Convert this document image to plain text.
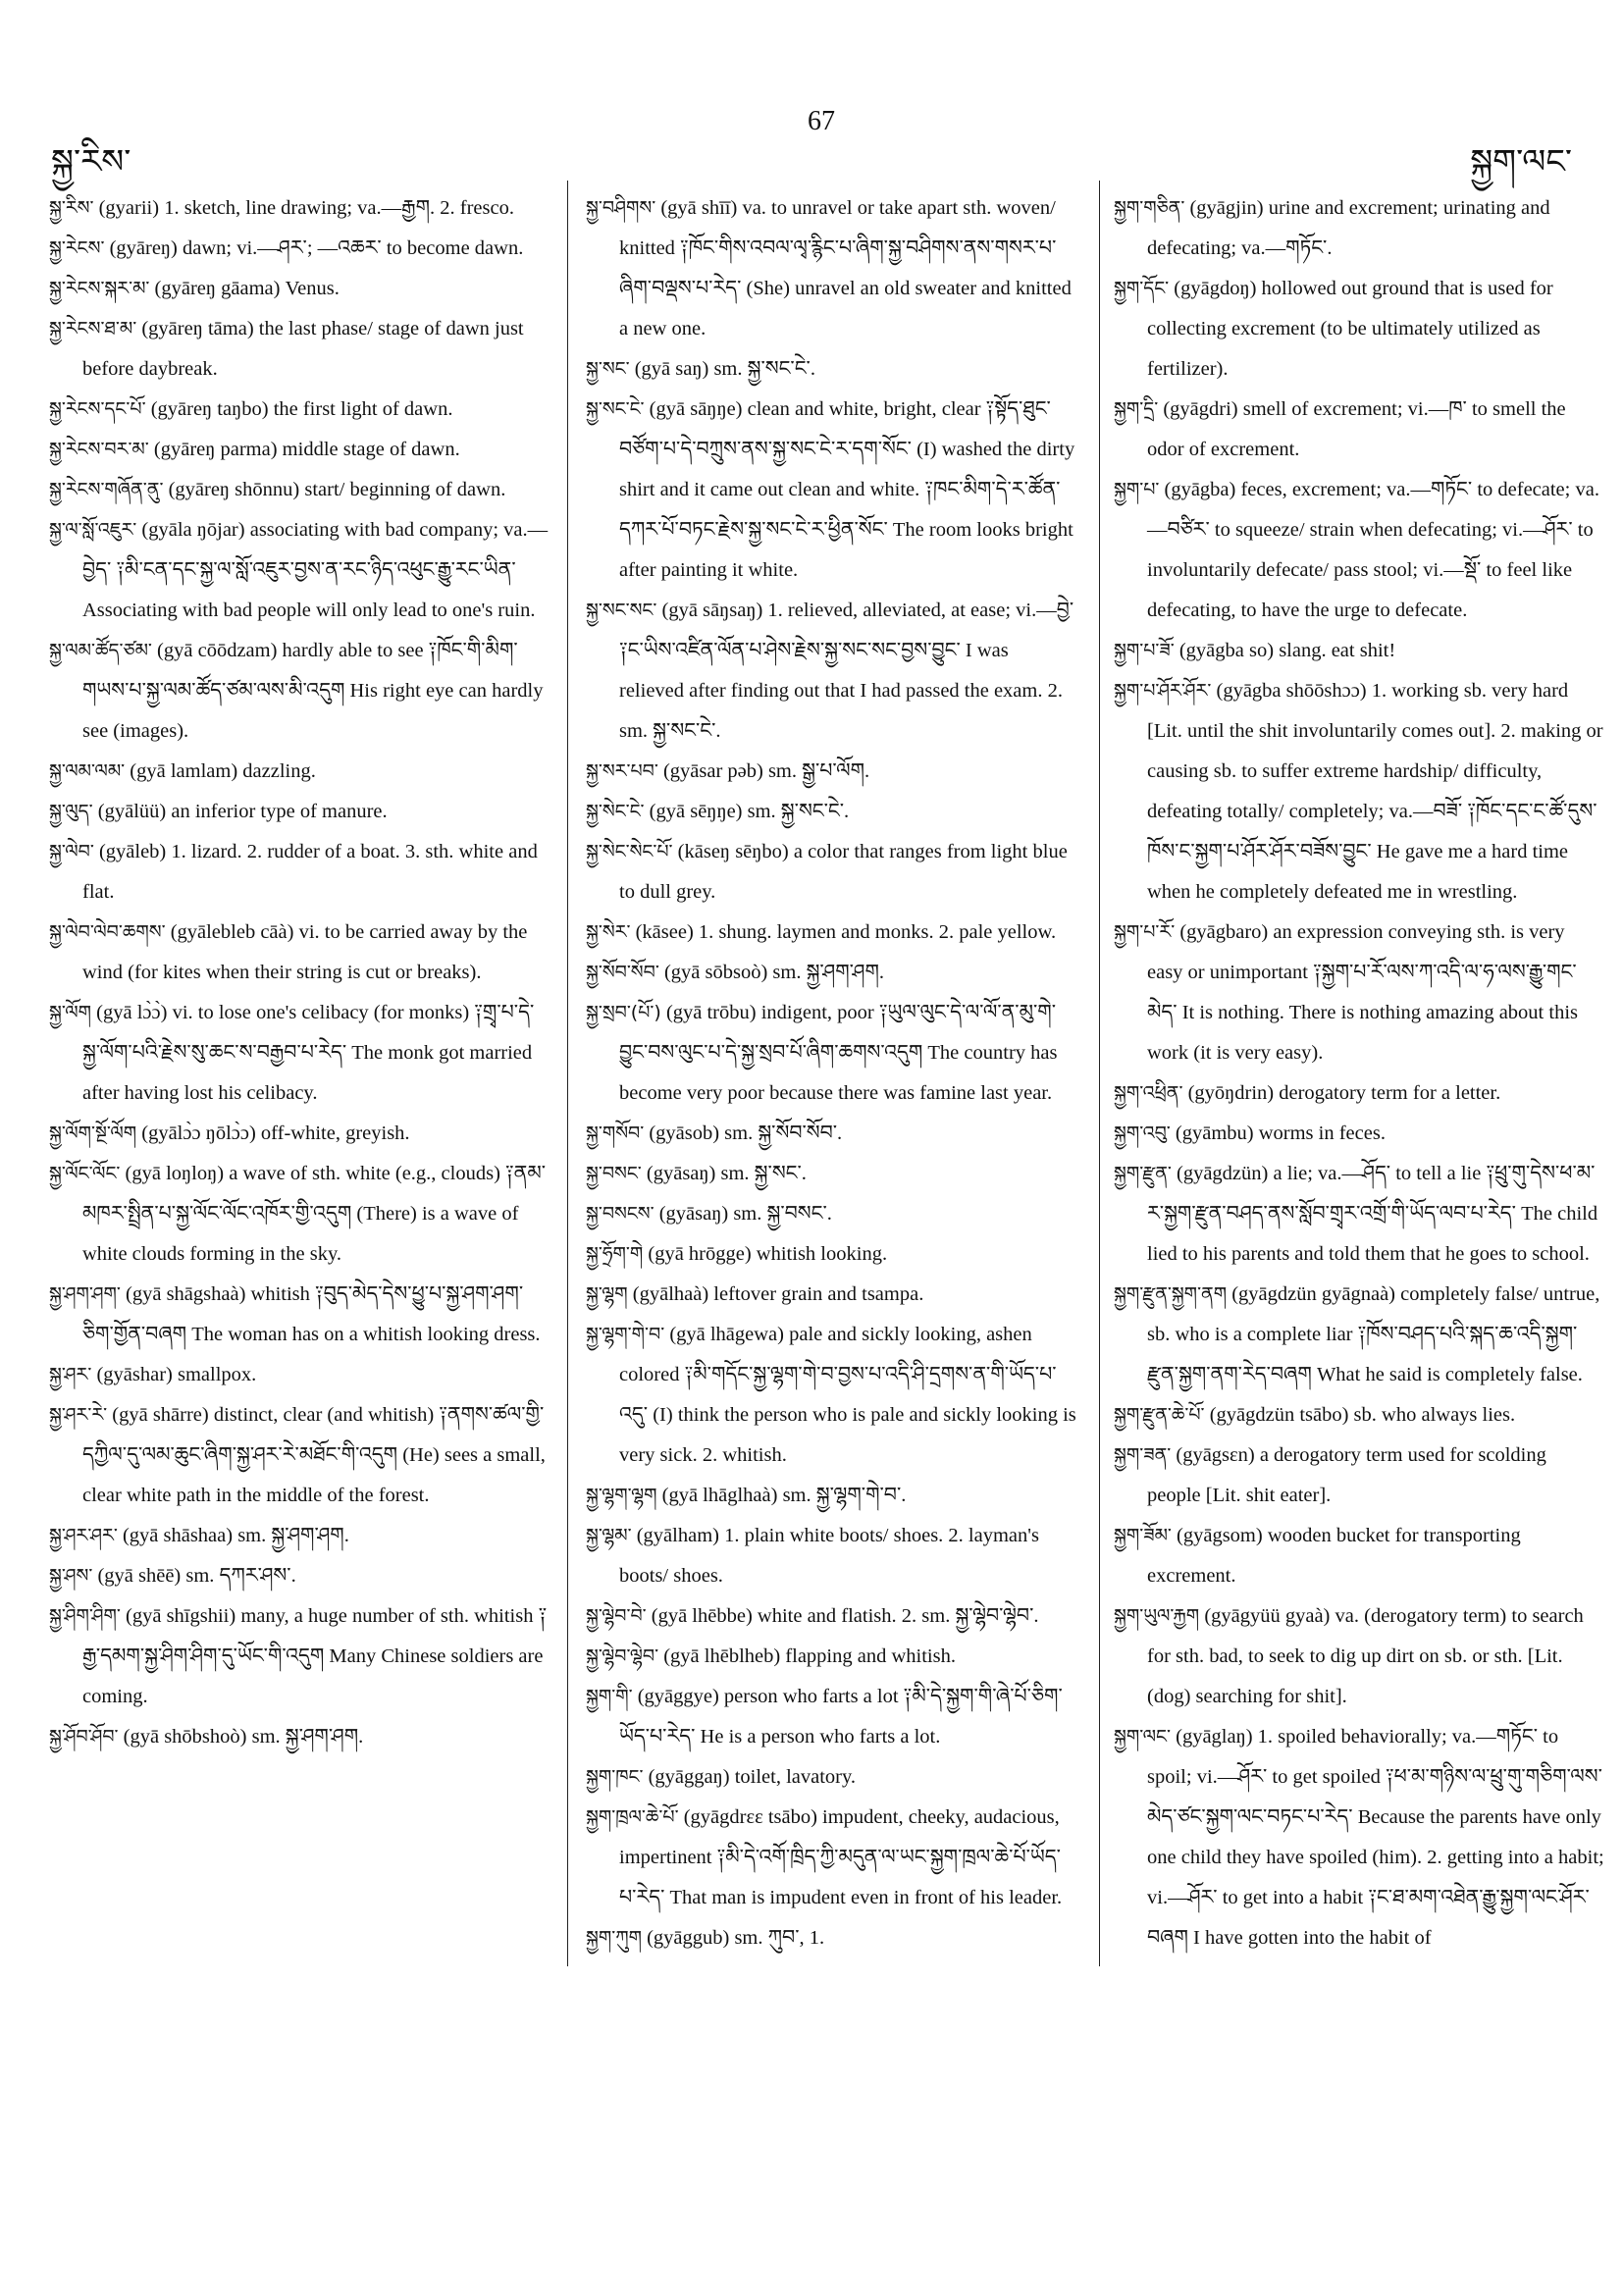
སྐྱ་རིས་
67
སྐྱག་ལང་

སྐྱ་རིས་ (gyarii) 1. sketch, line drawing; va.—རྒྱག. 2. fresco.

སྐྱ་རེངས་ (gyāreŋ) dawn; vi.—ཤར་; —འཆར་ to become dawn.

སྐྱ་རེངས་སྐར་མ་ (gyāreŋ gāama) Venus.

སྐྱ་རེངས་ཐ་མ་ (gyāreŋ tāma) the last phase/ stage of dawn just before daybreak.

སྐྱ་རེངས་དང་པོ་ (gyāreŋ taŋbo) the first light of dawn.

སྐྱ་རེངས་བར་མ་ (gyāreŋ parma) middle stage of dawn.

སྐྱ་རེངས་གཞོན་ནུ་ (gyāreŋ shōnnu) start/ beginning of dawn.

སྐྱ་ལ་སློ་འཇུར་ (gyāla ŋōjar) associating with bad company; va.—བྱེད་ ༑མི་ངན་དང་སྐྱ་ལ་སློ་འཇུར་བྱས་ན་རང་ཉིད་འཕུང་རྒྱུ་རང་ཡིན་ Associating with bad people will only lead to one's ruin.

སྐྱ་ལམ་ཚོད་ཙམ་ (gyā cōōdzam) hardly able to see ༑ཁོང་གི་མིག་གཡས་པ་སྐྱ་ལམ་ཚོད་ཙམ་ལས་མི་འདུག His right eye can hardly see (images).

སྐྱ་ལམ་ལམ་ (gyā lamlam) dazzling.

སྐྱ་ལུད་ (gyālüü) an inferior type of manure.

སྐྱ་ལེབ་ (gyāleb) 1. lizard. 2. rudder of a boat. 3. sth. white and flat.

སྐྱ་ལེབ་ལེབ་ཆགས་ (gyālebleb cāà) vi. to be carried away by the wind (for kites when their string is cut or breaks).

སྐྱ་ལོག (gyā lɔ̀ɔ̀) vi. to lose one's celibacy (for monks) ༑གྲྭ་པ་དེ་སྐྱ་ལོག་པའི་རྗེས་སུ་ཆང་ས་བརྒྱབ་པ་རེད་ The monk got married after having lost his celibacy.

སྐྱ་ལོག་སྔོ་ལོག (gyālɔ̀ɔ ŋōlɔ̀ɔ) off-white, greyish.

སྐྱ་ལོང་ལོང་ (gyā loŋloŋ) a wave of sth. white (e.g., clouds) ༑ནམ་མཁར་སྤྲིན་པ་སྐྱ་ལོང་ལོང་འཁོར་གྱི་འདུག (There) is a wave of white clouds forming in the sky.

སྐྱ་ཤག་ཤག་ (gyā shāgshaà) whitish ༑བུད་མེད་དེས་ཕྱུ་པ་སྐྱ་ཤག་ཤག་ཅིག་གྱོན་བཞག The woman has on a whitish looking dress.

སྐྱ་ཤར་ (gyāshar) smallpox.

སྐྱ་ཤར་རེ་ (gyā shārre) distinct, clear (and whitish) ༑ནགས་ཚལ་གྱི་དཀྱིལ་དུ་ལམ་ཆུང་ཞིག་སྐྱ་ཤར་རེ་མཐོང་གི་འདུག (He) sees a small, clear white path in the middle of the forest.

སྐྱ་ཤར་ཤར་ (gyā shāshaa) sm. སྐྱ་ཤག་ཤག.

སྐྱ་ཤས་ (gyā shēē) sm. དཀར་ཤས་.

སྐྱ་ཤིག་ཤིག་ (gyā shīgshii) many, a huge number of sth. whitish ༑རྒྱ་དམག་སྐྱ་ཤིག་ཤིག་དུ་ཡོང་གི་འདུག Many Chinese soldiers are coming.

སྐྱ་ཤོབ་ཤོབ་ (gyā shōbshoò) sm. སྐྱ་ཤག་ཤག.

སྐྱ་བཤིགས་ (gyā shīī) va. to unravel or take apart sth. woven/ knitted ༑ཁོང་གིས་འབལ་ལྭ་རྙིང་པ་ཞིག་སྐྱ་བཤིགས་ནས་གསར་པ་ཞིག་བལྡས་པ་རེད་ (She) unravel an old sweater and knitted a new one.

སྐྱ་སང་ (gyā saŋ) sm. སྐྱ་སང་ངེ་.

སྐྱ་སང་ངེ་ (gyā sāŋŋe) clean and white, bright, clear ༑སྟོད་ཐུང་བཙོག་པ་དེ་བཀྲུས་ནས་སྐྱ་སང་ངེ་ར་དག་སོང་ (I) washed the dirty shirt and it came out clean and white. ༑ཁང་མིག་དེ་ར་ཚོན་དཀར་པོ་བཏང་རྗེས་སྐྱ་སང་ངེ་ར་ཕྱིན་སོང་ The room looks bright after painting it white.

སྐྱ་སང་སང་ (gyā sāŋsaŋ) 1. relieved, alleviated, at ease; vi.—བྱེ་ ༑ང་ཡིས་འཛིན་ལོན་པ་ཤེས་རྗེས་སྐྱ་སང་སང་བྱས་བྱུང་ I was relieved after finding out that I had passed the exam. 2. sm. སྐྱ་སང་ངེ་.

སྐྱ་སར་པབ་ (gyāsar pəb) sm. སྒྱ་པ་ལོག.

སྐྱ་སེང་ངེ་ (gyā sēŋŋe) sm. སྐྱ་སང་ངེ་.

སྐྱ་སེང་སེང་པོ་ (kāseŋ sēŋbo) a color that ranges from light blue to dull grey.

སྐྱ་སེར་ (kāsee) 1. shung. laymen and monks. 2. pale yellow.

སྐྱ་སོབ་སོབ་ (gyā sōbsoò) sm. སྐྱ་ཤག་ཤག.

སྐྱ་སྲབ་(པོ་) (gyā trōbu) indigent, poor ༑ཡུལ་ལུང་དེ་ལ་ལོ་ན་མུ་གེ་བྱུང་བས་ལུང་པ་དེ་སྐྱ་སྲབ་པོ་ཞིག་ཆགས་འདུག The country has become very poor because there was famine last year.

སྐྱ་གསོབ་ (gyāsob) sm. སྐྱ་སོབ་སོབ་.

སྐྱ་བསང་ (gyāsaŋ) sm. སྐྱ་སང་.

སྐྱ་བསངས་ (gyāsaŋ) sm. སྐྱ་བསང་.

སྐྱ་ཧྲོག་གེ (gyā hrōgge) whitish looking.

སྐྱ་ལྷག (gyālhaà) leftover grain and tsampa.

སྐྱ་ལྷག་གེ་བ་ (gyā lhāgewa) pale and sickly looking, ashen colored ༑མི་གདོང་སྐྱ་ལྷག་གེ་བ་བྱས་པ་འདི་ཤི་དྲགས་ན་གི་ཡོད་པ་འདུ་ (I) think the person who is pale and sickly looking is very sick. 2. whitish.

སྐྱ་ལྷག་ལྷག (gyā lhāglhaà) sm. སྐྱ་ལྷག་གེ་བ་.

སྐྱ་ལྷམ་ (gyālham) 1. plain white boots/ shoes. 2. layman's boots/ shoes.

སྐྱ་ལྷེབ་བེ་ (gyā lhēbbe) white and flatish. 2. sm. སྐྱ་ལྷེབ་ལྷེབ་.

སྐྱ་ལྷེབ་ལྷེབ་ (gyā lhēblheb) flapping and whitish.

སྐྱག་གི་ (gyāggye) person who farts a lot ༑མི་དེ་སྐྱག་གི་ཞེ་པོ་ཅིག་ཡོད་པ་རེད་ He is a person who farts a lot.

སྐྱག་ཁང་ (gyāggaŋ) toilet, lavatory.

སྐྱག་ཁྲལ་ཆེ་པོ་ (gyāgdrɛɛ tsābo) impudent, cheeky, audacious, impertinent ༑མི་དེ་འགོ་ཁྲིད་ཀྱི་མདུན་ལ་ཡང་སྐྱག་ཁྲལ་ཆེ་པོ་ཡོད་པ་རེད་ That man is impudent even in front of his leader.

སྐྱག་ཀུག (gyāggub) sm. ཀུབ་, 1.

སྐྱག་གཅིན་ (gyāgjin) urine and excrement; urinating and defecating; va.—གཏོང་.

སྐྱག་དོང་ (gyāgdoŋ) hollowed out ground that is used for collecting excrement (to be ultimately utilized as fertilizer).

སྐྱག་དྲི་ (gyāgdri) smell of excrement; vi.—ཁ་ to smell the odor of excrement.

སྐྱག་པ་ (gyāgba) feces, excrement; va.—གཏོང་ to defecate; va.—བཙིར་ to squeeze/ strain when defecating; vi.—ཤོར་ to involuntarily defecate/ pass stool; vi.—སྡོ་ to feel like defecating, to have the urge to defecate.

སྐྱག་པ་ཟོ་ (gyāgba so) slang. eat shit!

སྐྱག་པ་ཤོར་ཤོར་ (gyāgba shōōshɔɔ) 1. working sb. very hard [Lit. until the shit involuntarily comes out]. 2. making or causing sb. to suffer extreme hardship/ difficulty, defeating totally/ completely; va.—བཟོ་ ༑ཁོང་དང་ང་ཚོ་དུས་ཁོས་ང་སྐྱག་པ་ཤོར་ཤོར་བཟོས་བྱུང་ He gave me a hard time when he completely defeated me in wrestling.

སྐྱག་པ་རོ་ (gyāgbaro) an expression conveying sth. is very easy or unimportant ༑སྐྱག་པ་རོ་ལས་ཀ་འདི་ལ་ཧ་ལས་རྒྱུ་གང་མེད་ It is nothing. There is nothing amazing about this work (it is very easy).

སྐྱག་འཕྲིན་ (gyōŋdrin) derogatory term for a letter.

སྐྱག་འབུ་ (gyāmbu) worms in feces.

སྐྱག་རྫུན་ (gyāgdzün) a lie; va.—ཤོད་ to tell a lie ༑ཕྲུ་གུ་དེས་ཕ་མ་ར་སྐྱག་རྫུན་བཤད་ནས་སློབ་གྲྭར་འགྲོ་གི་ཡོད་ལབ་པ་རེད་ The child lied to his parents and told them that he goes to school.

སྐྱག་རྫུན་སྐྱག་ནག (gyāgdzün gyāgnaà) completely false/ untrue, sb. who is a complete liar ༑ཁོས་བཤད་པའི་སྐད་ཆ་འདི་སྐྱག་རྫུན་སྐྱག་ནག་རེད་བཞག What he said is completely false.

སྐྱག་རྫུན་ཆེ་པོ་ (gyāgdzün tsābo) sb. who always lies.

སྐྱག་ཟན་ (gyāgsɛn) a derogatory term used for scolding people [Lit. shit eater].

སྐྱག་ཟོམ་ (gyāgsom) wooden bucket for transporting excrement.

སྐྱག་ཡུལ་རྐྱག (gyāgyüü gyaà) va. (derogatory term) to search for sth. bad, to seek to dig up dirt on sb. or sth. [Lit. (dog) searching for shit].

སྐྱག་ལང་ (gyāglaŋ) 1. spoiled behaviorally; va.—གཏོང་ to spoil; vi.—ཤོར་ to get spoiled ༑ཕ་མ་གཉིས་ལ་ཕྲུ་གུ་གཅིག་ལས་མེད་ཙང་སྐྱག་ལང་བཏང་པ་རེད་ Because the parents have only one child they have spoiled (him). 2. getting into a habit; vi.—ཤོར་ to get into a habit ༑ང་ཐ་མག་འཐེན་རྒྱུ་སྐྱག་ལང་ཤོར་བཞག I have gotten into the habit of
